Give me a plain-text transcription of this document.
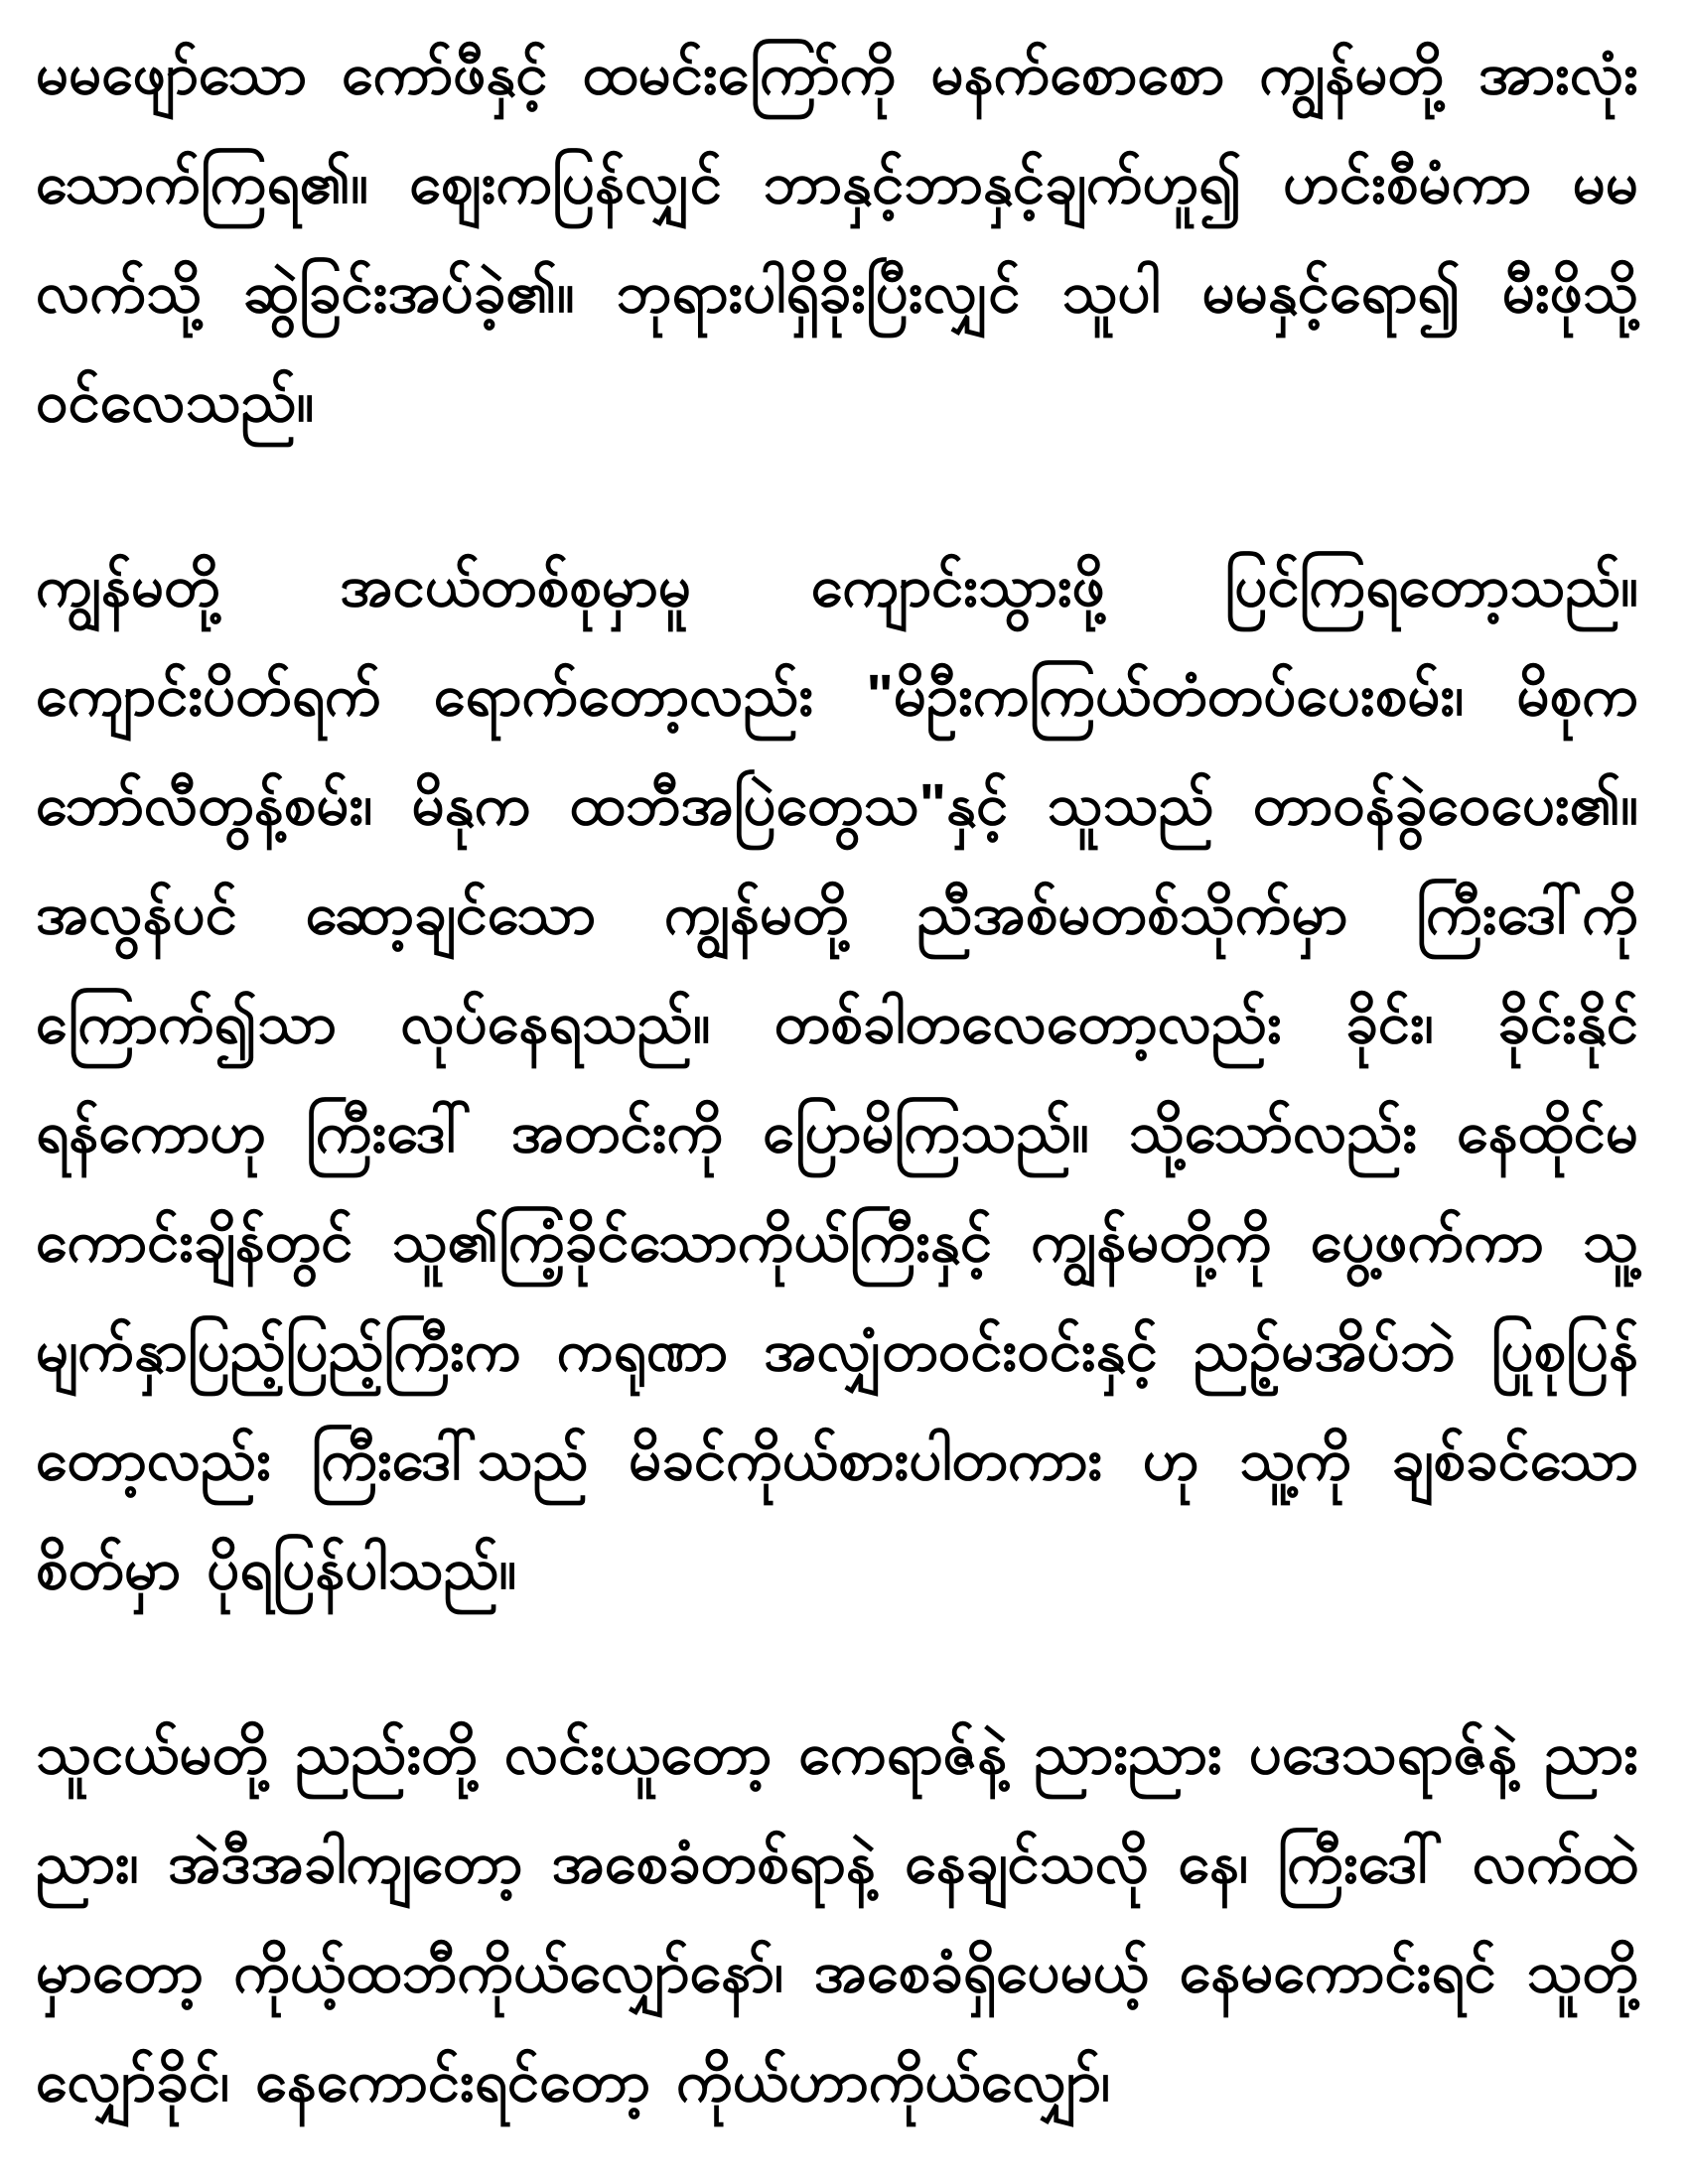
မမဖျော်သော ကော်ဖီနှင့် ထမင်းကြော်ကို မနက်စောစော ကျွန်မတို့ အားလုံး သောက်ကြရ၏။ ဈေးကပြန်လျှင် ဘာနှင့်ဘာနှင့်ချက်ဟူ၍ ဟင်းစီမံကာ မမလက်သို့ ဆွဲခြင်းအပ်ခဲ့၏။ ဘုရားပါရှိခိုးပြီးလျှင် သူပါ မမနှင့်ရော၍ မီးဖိုသို့ ဝင်လေသည်။

ကျွန်မတို့ အငယ်တစ်စုမှာမူ ကျောင်းသွားဖို့ ပြင်ကြရတော့သည်။ ကျောင်းပိတ်ရက် ရောက်တော့လည်း "မိဦးကကြယ်တံတပ်ပေးစမ်း၊ မိစုက ဘော်လီတွန့်စမ်း၊ မိနုက ထဘီအပြဲတွေသ"နှင့် သူသည် တာဝန်ခွဲဝေပေး၏။ အလွန်ပင် ဆော့ချင်သော ကျွန်မတို့ ညီအစ်မတစ်သိုက်မှာ ကြီးဒေါ်ကို ကြောက်၍သာ လုပ်နေရသည်။ တစ်ခါတလေတော့လည်း ခိုင်း၊ ခိုင်းနိုင်ရန်ကောဟု ကြီးဒေါ် အတင်းကို ပြောမိကြသည်။ သို့သော်လည်း နေထိုင်မကောင်းချိန်တွင် သူ၏ကြံ့ခိုင်သောကိုယ်ကြီးနှင့် ကျွန်မတို့ကို ပွေ့ဖက်ကာ သူ့မျက်နှာပြည့်ပြည့်ကြီးက ကရုဏာ အလျှံတဝင်းဝင်းနှင့် ညဉ့်မအိပ်ဘဲ ပြုစုပြန်တော့လည်း ကြီးဒေါ်သည် မိခင်ကိုယ်စားပါတကား ဟု သူ့ကို ချစ်ခင်သော စိတ်မှာ ပိုရပြန်ပါသည်။

သူငယ်မတို့ ညည်းတို့ လင်းယူတော့ ကေရာဇ်နဲ့ ညားညား ပဒေသရာဇ်နဲ့ ညားညား၊ အဲဒီအခါကျတော့ အစေခံတစ်ရာနဲ့ နေချင်သလို နေ၊ ကြီးဒေါ် လက်ထဲမှာတော့ ကိုယ့်ထဘီကိုယ်လျှော်နော်၊ အစေခံရှိပေမယ့် နေမကောင်းရင် သူတို့လျှော်ခိုင်၊ နေကောင်းရင်တော့ ကိုယ်ဟာကိုယ်လျှော်၊
